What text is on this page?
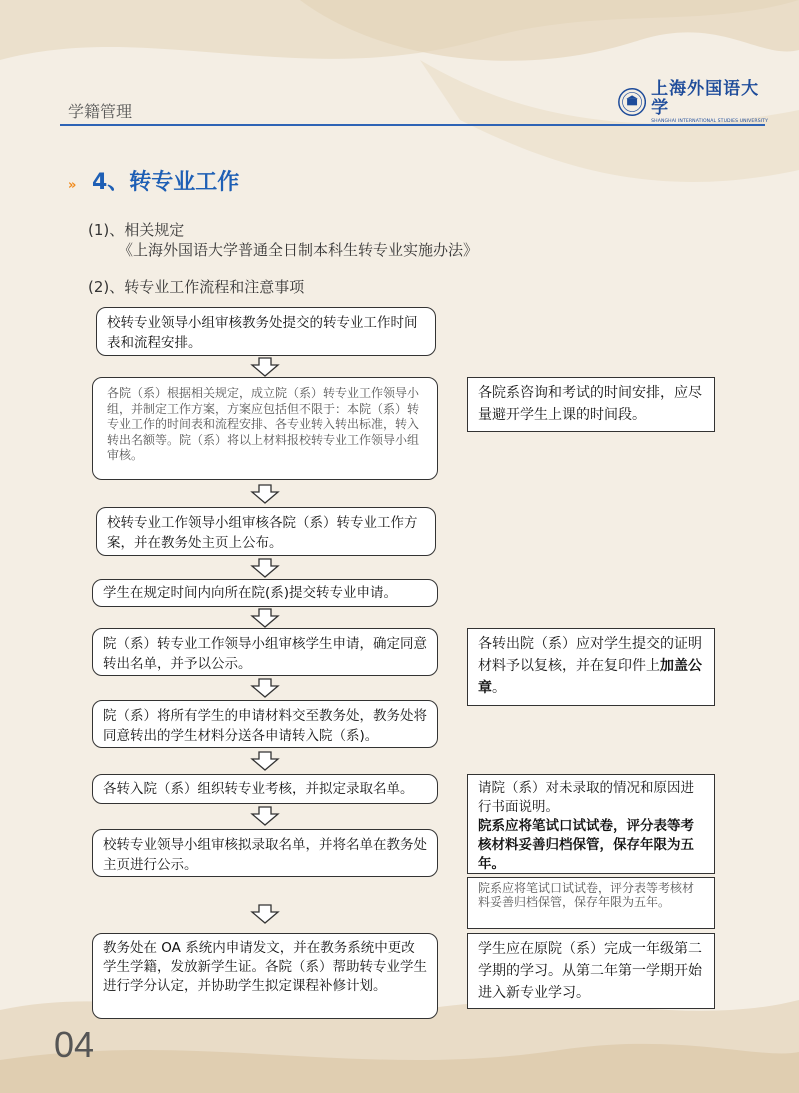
学籍管理
上海外国语大学
SHANGHAI INTERNATIONAL STUDIES UNIVERSITY
» 4、转专业工作
(1)、相关规定
《上海外国语大学普通全日制本科生转专业实施办法》
(2)、转专业工作流程和注意事项
校转专业领导小组审核教务处提交的转专业工作时间表和流程安排。
各院（系）根据相关规定，成立院（系）转专业工作领导小组，并制定工作方案，方案应包括但不限于：本院（系）转专业工作的时间表和流程安排、各专业转入转出标准，转入转出名额等。院（系）将以上材料报校转专业工作领导小组审核。
校转专业工作领导小组审核各院（系）转专业工作方案，并在教务处主页上公布。
学生在规定时间内向所在院(系)提交转专业申请。
院（系）转专业工作领导小组审核学生申请，确定同意转出名单，并予以公示。
院（系）将所有学生的申请材料交至教务处，教务处将同意转出的学生材料分送各申请转入院（系)。
各转入院（系）组织转专业考核，并拟定录取名单。
校转专业领导小组审核拟录取名单，并将名单在教务处主页进行公示。
教务处在 OA 系统内申请发文，并在教务系统中更改学生学籍，发放新学生证。各院（系）帮助转专业学生进行学分认定，并协助学生拟定课程补修计划。
各院系咨询和考试的时间安排，应尽量避开学生上课的时间段。
各转出院（系）应对学生提交的证明材料予以复核，并在复印件上加盖公章。
请院（系）对未录取的情况和原因进行书面说明。
院系应将笔试口试试卷，评分表等考核材料妥善归档保管，保存年限为五年。
院系应将笔试口试试卷，评分表等考核材料妥善归档保管，保存年限为五年。
学生应在原院（系）完成一年级第二学期的学习。从第二年第一学期开始进入新专业学习。
04
